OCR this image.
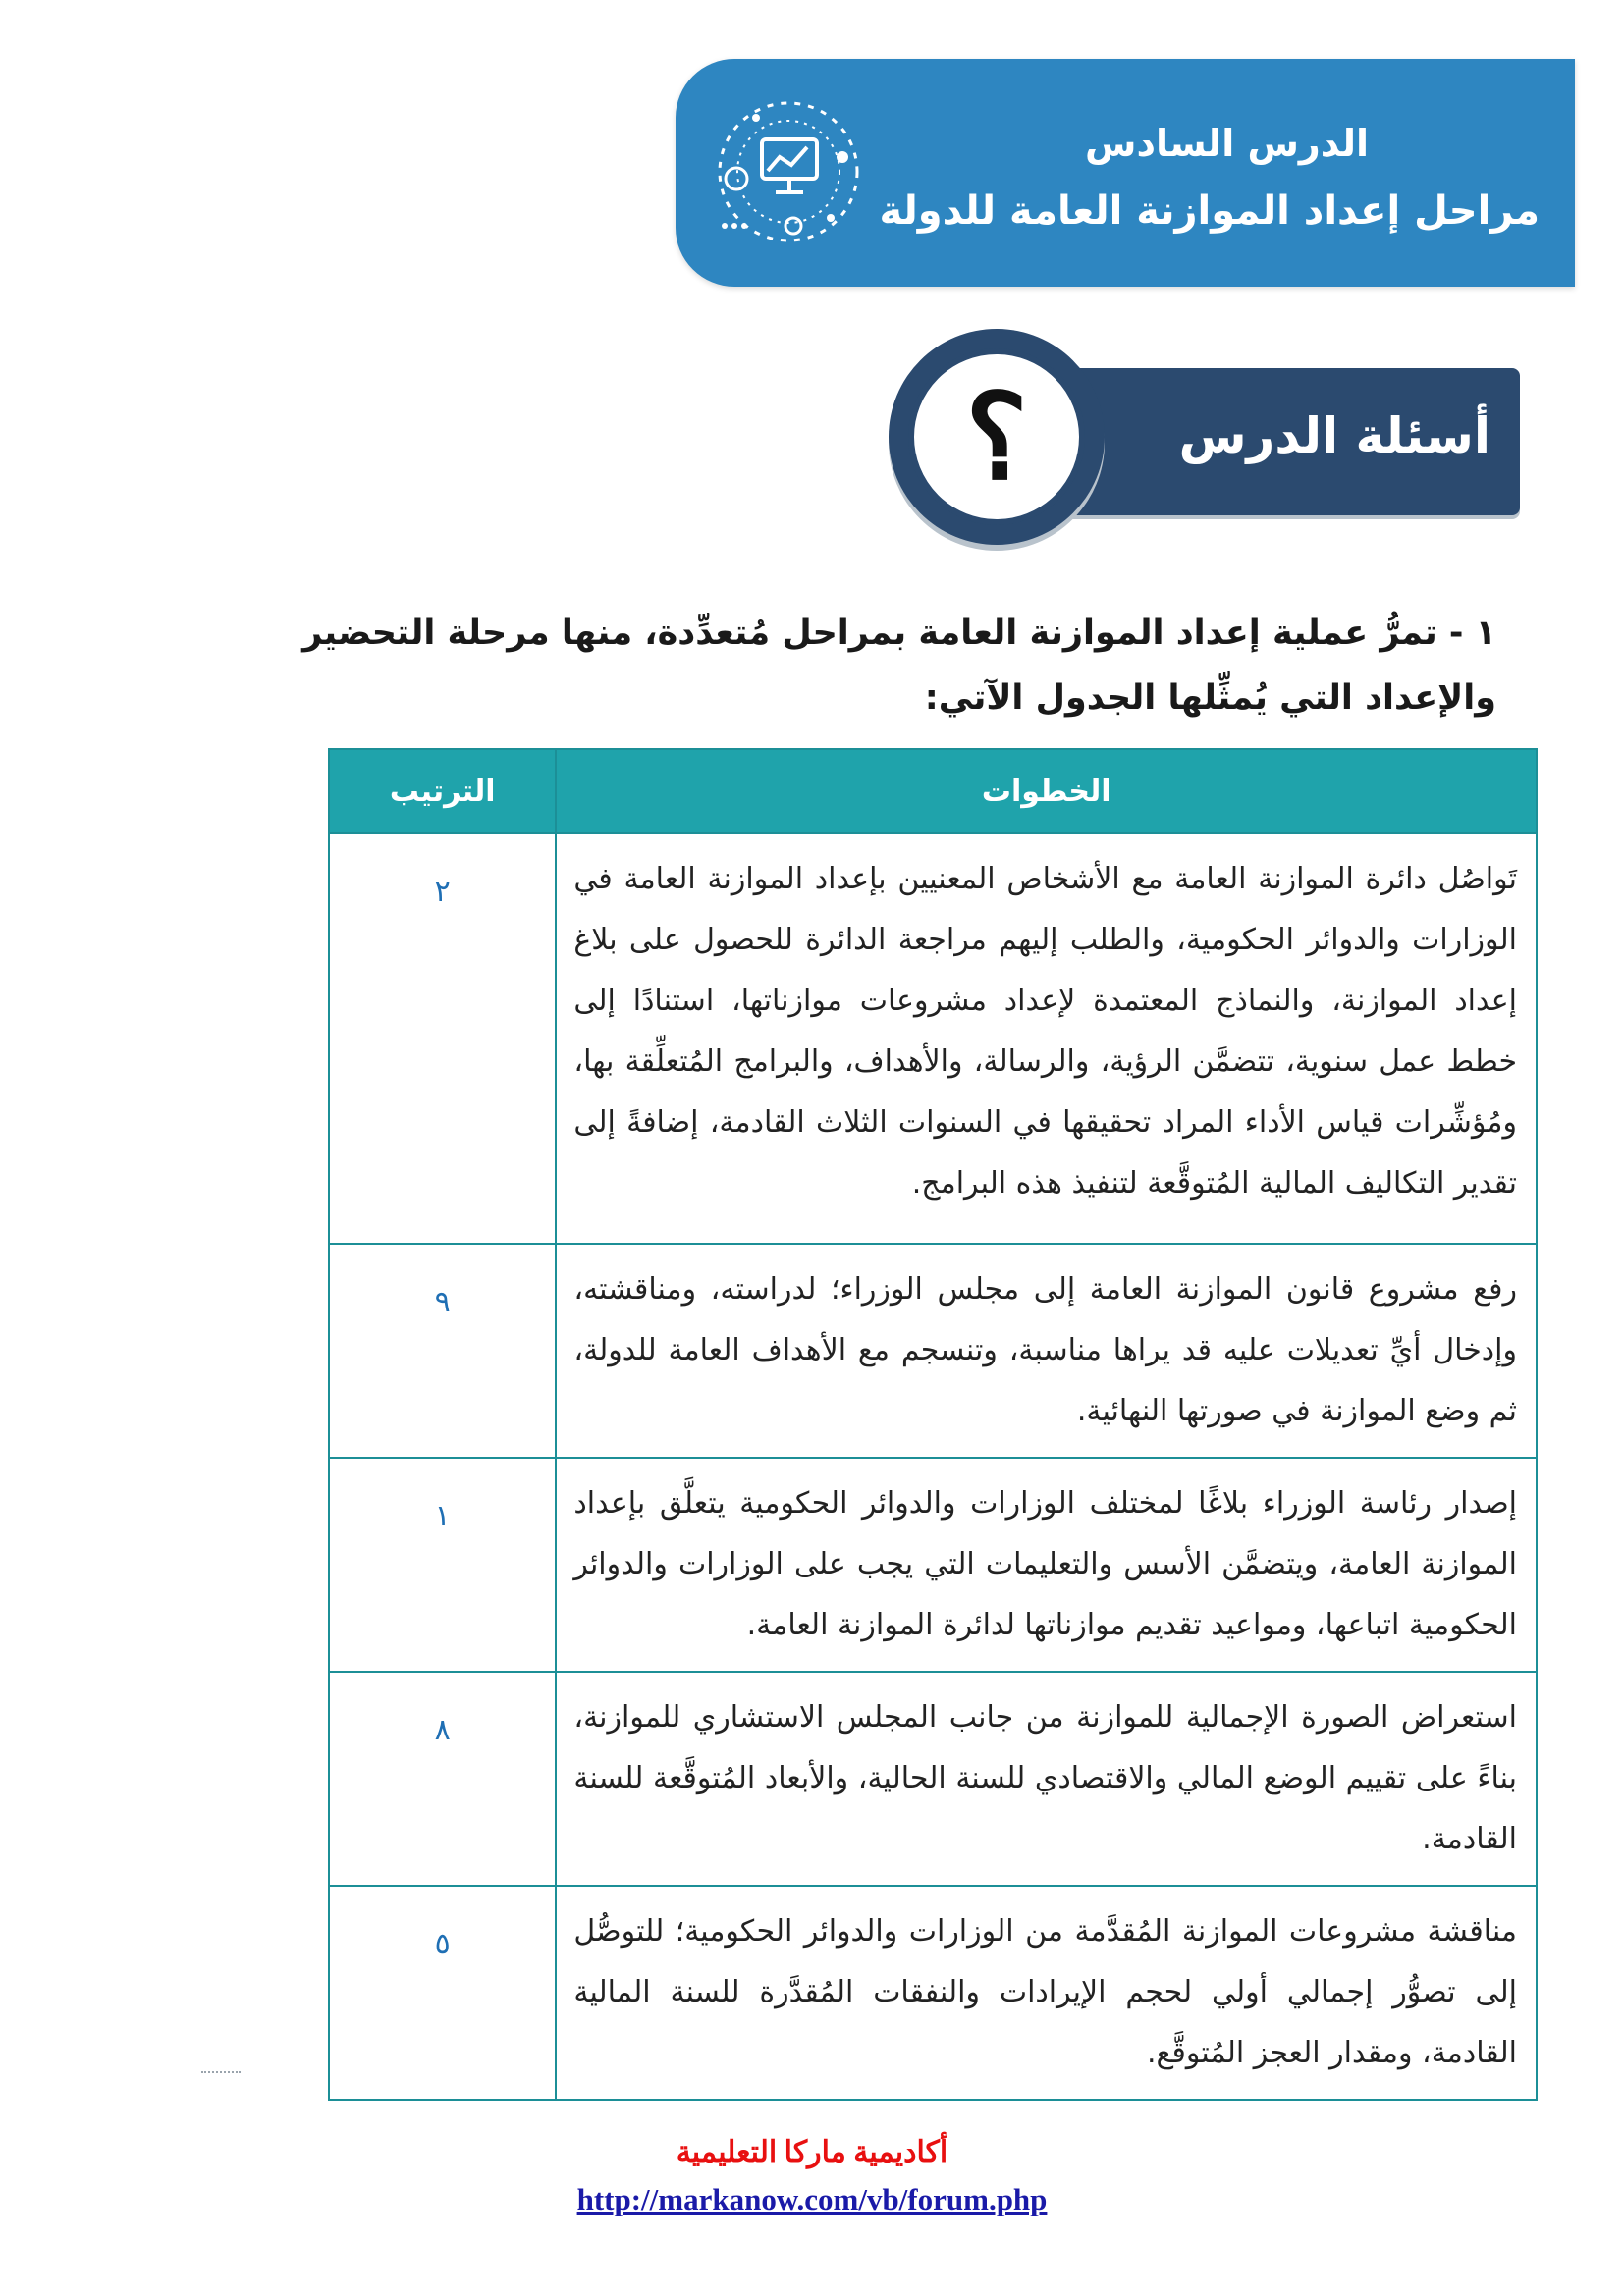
الدرس السادس
مراحل إعداد الموازنة العامة للدولة
أسئلة الدرس
؟
١ - تمرُّ عملية إعداد الموازنة العامة بمراحل مُتعدِّدة، منها مرحلة التحضير والإعداد التي يُمثِّلها الجدول الآتي:
الخطوات	الترتيب

تَواصُل دائرة الموازنة العامة مع الأشخاص المعنيين بإعداد الموازنة العامة في الوزارات والدوائر الحكومية، والطلب إليهم مراجعة الدائرة للحصول على بلاغ إعداد الموازنة، والنماذج المعتمدة لإعداد مشروعات موازناتها، استنادًا إلى خطط عمل سنوية، تتضمَّن الرؤية، والرسالة، والأهداف، والبرامج المُتعلِّقة بها، ومُؤشِّرات قياس الأداء المراد تحقيقها في السنوات الثلاث القادمة، إضافةً إلى تقدير التكاليف المالية المُتوقَّعة لتنفيذ هذه البرامج.	٢

رفع مشروع قانون الموازنة العامة إلى مجلس الوزراء؛ لدراسته، ومناقشته، وإدخال أيِّ تعديلات عليه قد يراها مناسبة، وتنسجم مع الأهداف العامة للدولة، ثم وضع الموازنة في صورتها النهائية.	٩

إصدار رئاسة الوزراء بلاغًا لمختلف الوزارات والدوائر الحكومية يتعلَّق بإعداد الموازنة العامة، ويتضمَّن الأسس والتعليمات التي يجب على الوزارات والدوائر الحكومية اتباعها، ومواعيد تقديم موازناتها لدائرة الموازنة العامة.	١

استعراض الصورة الإجمالية للموازنة من جانب المجلس الاستشاري للموازنة، بناءً على تقييم الوضع المالي والاقتصادي للسنة الحالية، والأبعاد المُتوقَّعة للسنة القادمة.	٨

مناقشة مشروعات الموازنة المُقدَّمة من الوزارات والدوائر الحكومية؛ للتوصُّل إلى تصوُّر إجمالي أولي لحجم الإيرادات والنفقات المُقدَّرة للسنة المالية القادمة، ومقدار العجز المُتوقَّع.	٥
أكاديمية ماركا التعليمية
http://markanow.com/vb/forum.php
